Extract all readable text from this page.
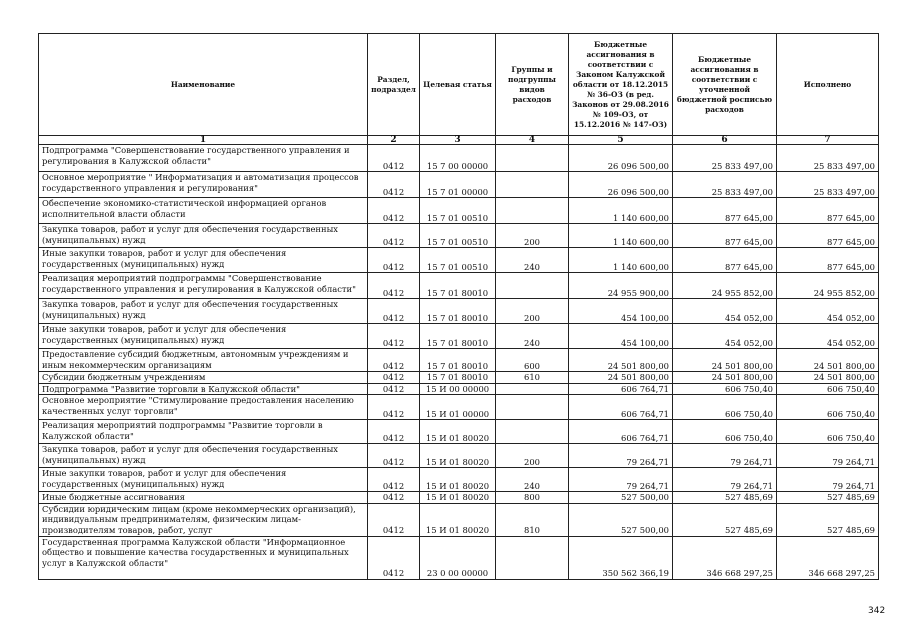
Наименование	Раздел, подраздел	Целевая статья	Группы и подгруппы видов расходов	Бюджетные ассигнования в соответствии с Законом Калужской области от 18.12.2015 № 36-ОЗ (в ред. Законов от 29.08.2016 № 109-ОЗ, от 15.12.2016 № 147-ОЗ)	Бюджетные ассигнования в соответствии с уточненной бюджетной росписью расходов	Исполнено
1	2	3	4	5	6	7
Подпрограмма "Совершенствование государственного управления и регулирования в Калужской области"	0412	15 7 00 00000		26 096 500,00	25 833 497,00	25 833 497,00
Основное мероприятие " Информатизация и автоматизация процессов государственного управления и регулирования"	0412	15 7 01 00000		26 096 500,00	25 833 497,00	25 833 497,00
Обеспечение экономико-статистической информацией органов исполнительной власти области	0412	15 7 01 00510		1 140 600,00	877 645,00	877 645,00
Закупка товаров, работ и услуг для обеспечения государственных (муниципальных) нужд	0412	15 7 01 00510	200	1 140 600,00	877 645,00	877 645,00
Иные закупки товаров, работ и услуг для обеспечения государственных (муниципальных) нужд	0412	15 7 01 00510	240	1 140 600,00	877 645,00	877 645,00
Реализация мероприятий подпрограммы "Совершенствование государственного управления и регулирования в Калужской области"	0412	15 7 01 80010		24 955 900,00	24 955 852,00	24 955 852,00
Закупка товаров, работ и услуг для обеспечения государственных (муниципальных) нужд	0412	15 7 01 80010	200	454 100,00	454 052,00	454 052,00
Иные закупки товаров, работ и услуг для обеспечения государственных (муниципальных) нужд	0412	15 7 01 80010	240	454 100,00	454 052,00	454 052,00
Предоставление субсидий бюджетным, автономным учреждениям и иным некоммерческим организациям	0412	15 7 01 80010	600	24 501 800,00	24 501 800,00	24 501 800,00
Субсидии бюджетным учреждениям	0412	15 7 01 80010	610	24 501 800,00	24 501 800,00	24 501 800,00
Подпрограмма "Развитие торговли в Калужской области"	0412	15 И 00 00000		606 764,71	606 750,40	606 750,40
Основное мероприятие "Стимулирование предоставления населению качественных услуг торговли"	0412	15 И 01 00000		606 764,71	606 750,40	606 750,40
Реализация мероприятий подпрограммы "Развитие торговли в Калужской области"	0412	15 И 01 80020		606 764,71	606 750,40	606 750,40
Закупка товаров, работ и услуг для обеспечения государственных (муниципальных) нужд	0412	15 И 01 80020	200	79 264,71	79 264,71	79 264,71
Иные закупки товаров, работ и услуг для обеспечения государственных (муниципальных) нужд	0412	15 И 01 80020	240	79 264,71	79 264,71	79 264,71
Иные бюджетные ассигнования	0412	15 И 01 80020	800	527 500,00	527 485,69	527 485,69
Субсидии юридическим лицам (кроме некоммерческих организаций), индивидуальным предпринимателям, физическим лицам-производителям товаров, работ, услуг	0412	15 И 01 80020	810	527 500,00	527 485,69	527 485,69
Государственная программа Калужской области "Информационное общество и повышение качества государственных и муниципальных услуг в Калужской области"	0412	23 0 00 00000		350 562 366,19	346 668 297,25	346 668 297,25
342
